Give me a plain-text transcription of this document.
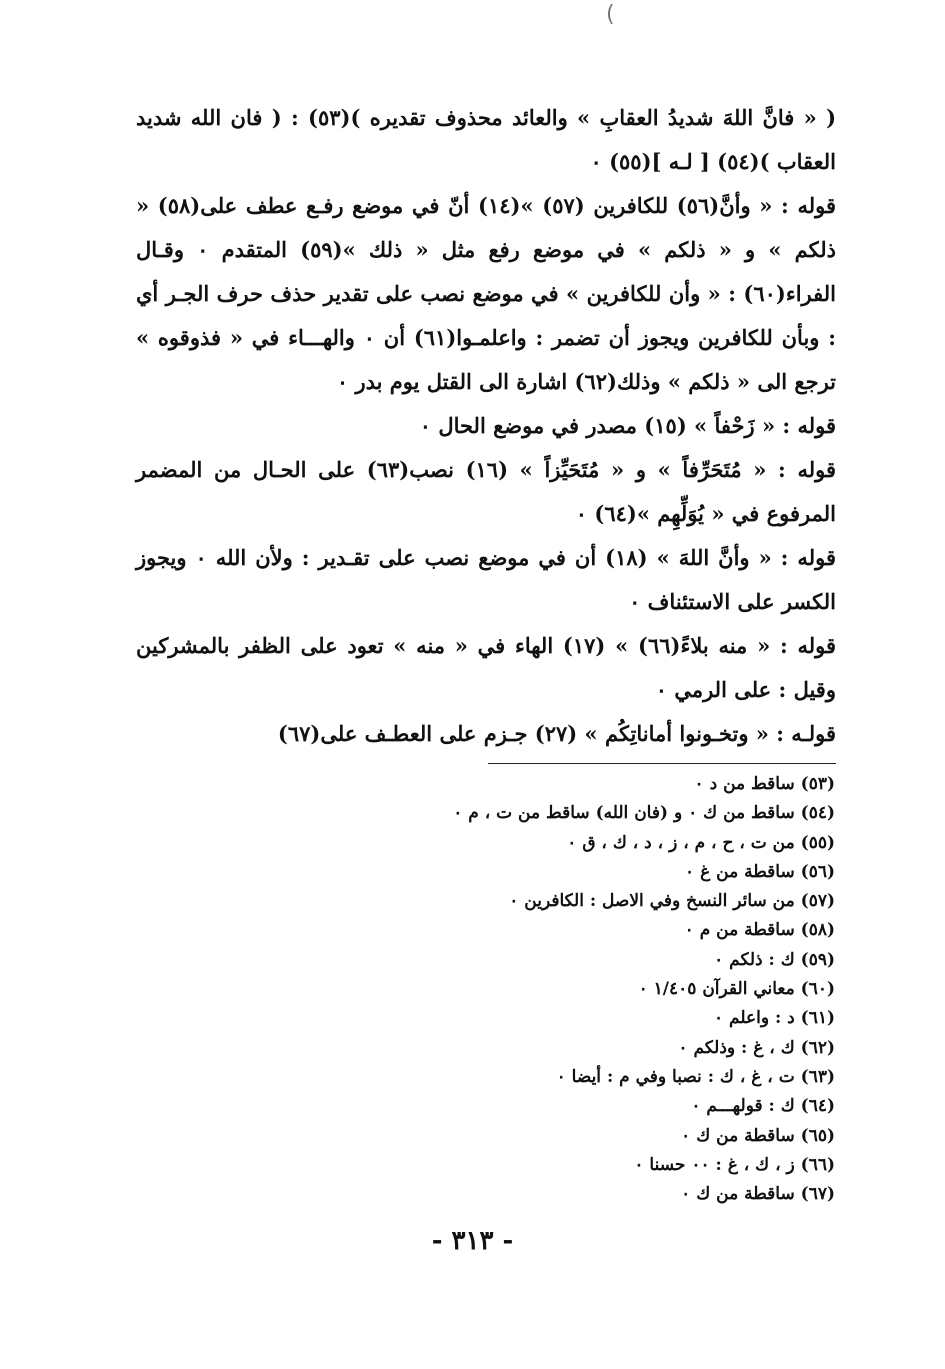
(

( « فانَّ اللهَ شديدُ العقابِ » والعائد محذوف تقديره )(٥٣) : ( فان الله شديد العقاب )(٥٤) [ لـه ](٥٥) ٠

قوله : « وأنَّ(٥٦) للكافرين (٥٧) »(١٤) أنّ في موضع رفـع عطف على(٥٨) « ذلكم » و « ذلكم » في موضع رفع مثل « ذلك »(٥٩) المتقدم ٠ وقـال الفراء(٦٠) : « وأن للكافرين » في موضع نصب على تقدير حذف حرف الجـر أي : وبأن للكافرين ويجوز أن تضمر : واعلمـوا(٦١) أن ٠ والهـــاء في « فذوقوه » ترجع الى « ذلكم » وذلك(٦٢) اشارة الى القتل يوم بدر ٠

قوله : « زَحْفاً » (١٥) مصدر في موضع الحال ٠

قوله : « مُتَحَرِّفاً » و « مُتَحَيِّزاً » (١٦) نصب(٦٣) على الحـال من المضمر المرفوع في « يُوَلِّهِم »(٦٤) ٠

قوله : « وأنَّ اللهَ » (١٨) أن في موضع نصب على تقـدير : ولأن الله ٠ ويجوز الكسر على الاستئناف ٠

قوله : « منه بلاءً(٦٦) » (١٧) الهاء في « منه » تعود على الظفر بالمشركين وقيل : على الرمي ٠

قولـه : « وتخـونوا أماناتِكُم » (٢٧) جـزم على العطـف على(٦٧)

(٥٣) ساقط من د ٠
(٥٤) ساقط من ك ٠ و (فان الله) ساقط من ت ، م ٠
(٥٥) من ت ، ح ، م ، ز ، د ، ك ، ق ٠
(٥٦) ساقطة من غ ٠
(٥٧) من سائر النسخ وفي الاصل : الكافرين ٠
(٥٨) ساقطة من م ٠
(٥٩) ك : ذلكم ٠
(٦٠) معاني القرآن ١/٤٠٥ ٠
(٦١) د : واعلم ٠
(٦٢) ك ، غ : وذلكم ٠
(٦٣) ت ، غ ، ك : نصبا وفي م : أيضا ٠
(٦٤) ك : قولهـــم ٠
(٦٥) ساقطة من ك ٠
(٦٦) ز ، ك ، غ : ٠٠ حسنا ٠
(٦٧) ساقطة من ك ٠
- ٣١٣ -
